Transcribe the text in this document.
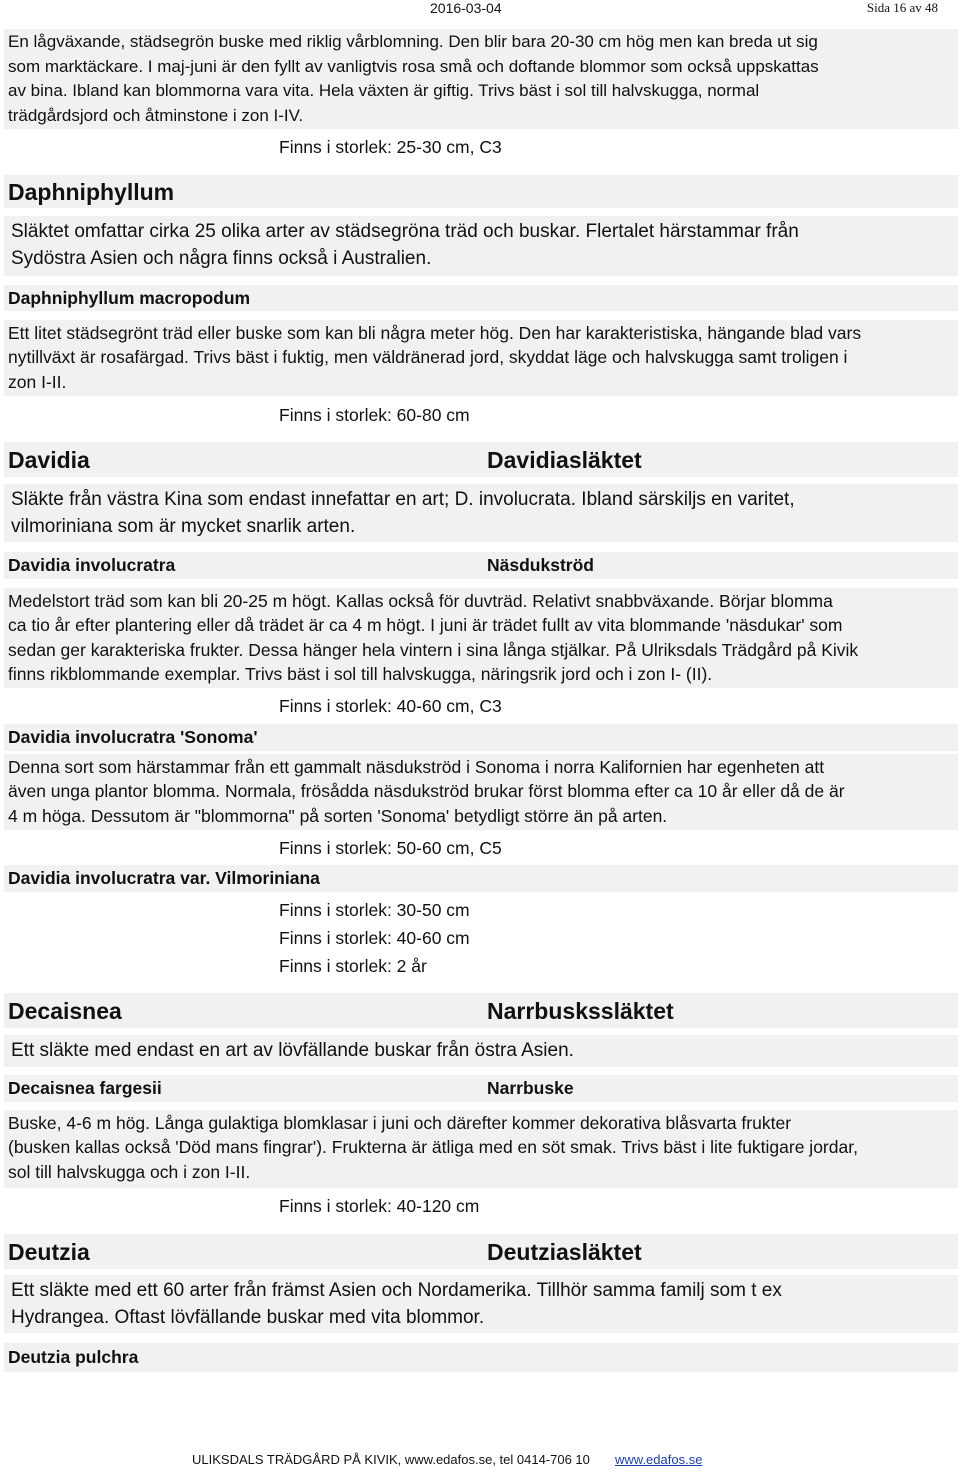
2016-03-04	Sida 16 av 48
En lågväxande, städsegrön buske med riklig vårblomning. Den blir bara 20-30 cm hög men kan breda ut sig
som marktäckare. I maj-juni är den fyllt av vanligtvis rosa små och doftande blommor som också uppskattas
av bina. Ibland kan blommorna vara vita. Hela växten är giftig. Trivs bäst i sol till halvskugga, normal
trädgårdsjord och åtminstone i zon I-IV.
Finns i storlek: 25-30 cm, C3
Daphniphyllum
Släktet omfattar cirka 25 olika arter av städsegröna träd och buskar. Flertalet härstammar från
Sydöstra Asien och några finns också i Australien.
Daphniphyllum macropodum
Ett litet städsegrönt träd eller buske som kan bli några meter hög. Den har karakteristiska, hängande blad vars
nytillväxt är rosafärgad. Trivs bäst i fuktig, men väldränerad jord, skyddat läge och halvskugga samt troligen i
zon I-II.
Finns i storlek: 60-80 cm
Davidia	Davidiasläktet
Släkte från västra Kina som endast innefattar en art; D. involucrata. Ibland särskiljs en varitet,
vilmoriniana som är mycket snarlik arten.
Davidia involucratra	Näsdukströd
Medelstort träd som kan bli 20-25 m högt. Kallas också för duvträd. Relativt snabbväxande. Börjar blomma
ca tio år efter plantering eller då trädet är ca 4 m högt. I juni är trädet fullt av vita blommande 'näsdukar' som
sedan ger karakteriska frukter. Dessa hänger hela vintern i sina långa stjälkar. På Ulriksdals Trädgård på Kivik
finns rikblommande exemplar. Trivs bäst i sol till halvskugga, näringsrik jord och i zon I- (II).
Finns i storlek: 40-60 cm, C3
Davidia involucratra 'Sonoma'
Denna sort som härstammar från ett gammalt näsdukströd i Sonoma i norra Kalifornien har egenheten att
även unga plantor blomma. Normala, frösådda näsdukströd brukar först blomma efter ca 10 år eller då de är
4 m höga. Dessutom är "blommorna" på sorten 'Sonoma' betydligt större än på arten.
Finns i storlek: 50-60 cm, C5
Davidia involucratra var. Vilmoriniana
Finns i storlek: 30-50 cm
Finns i storlek: 40-60 cm
Finns i storlek: 2 år
Decaisnea	Narrbuskssläktet
Ett släkte med endast en art av lövfällande buskar från östra Asien.
Decaisnea fargesii	Narrbuske
Buske, 4-6 m hög. Långa gulaktiga blomklasar i juni och därefter kommer dekorativa blåsvarta frukter
(busken kallas också 'Död mans fingrar'). Frukterna är ätliga med en söt smak. Trivs bäst i lite fuktigare jordar,
sol till halvskugga och i zon I-II.
Finns i storlek: 40-120 cm
Deutzia	Deutziasläktet
Ett släkte med ett 60 arter från främst Asien och Nordamerika. Tillhör samma familj som t ex
Hydrangea. Oftast lövfällande buskar med vita blommor.
Deutzia pulchra
ULIKSDALS TRÄDGÅRD PÅ KIVIK, www.edafos.se, tel 0414-706 10 www.edafos.se
